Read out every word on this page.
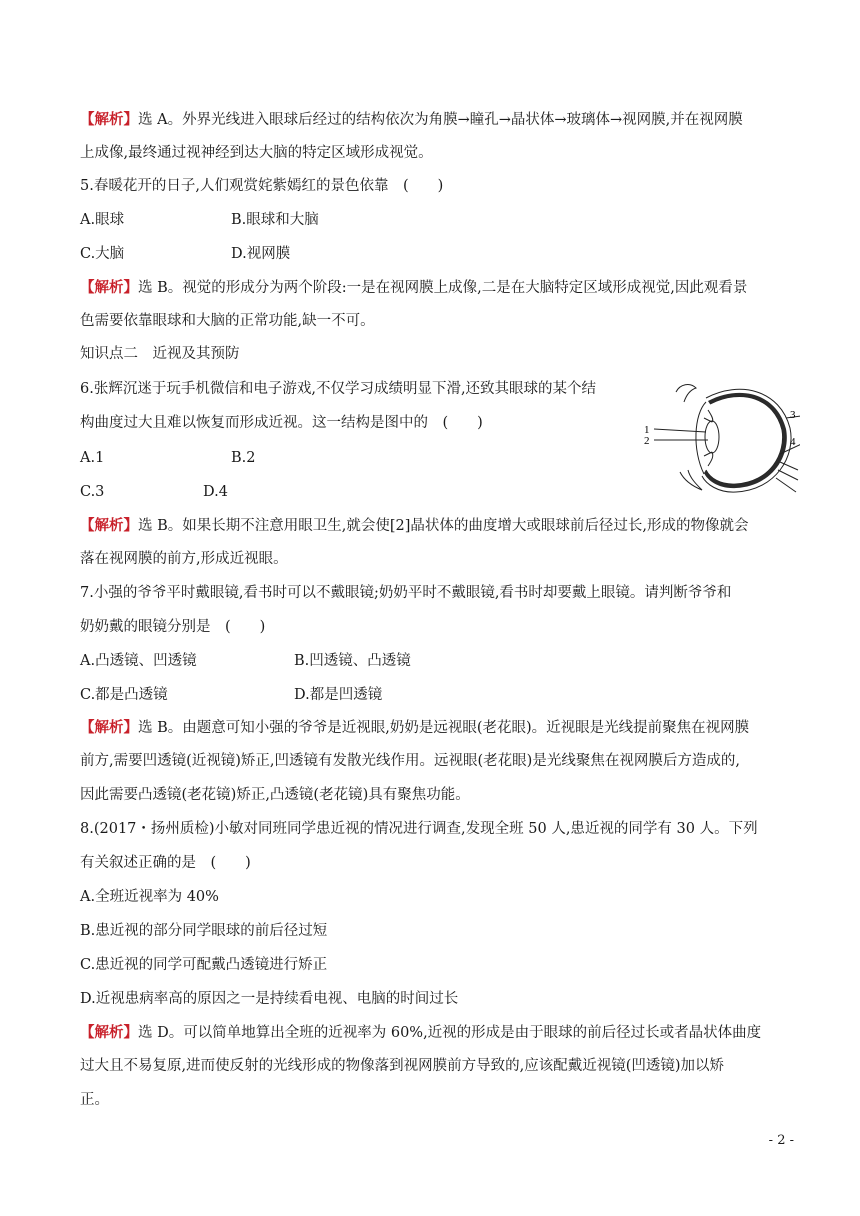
【解析】选 A。外界光线进入眼球后经过的结构依次为角膜→瞳孔→晶状体→玻璃体→视网膜,并在视网膜
上成像,最终通过视神经到达大脑的特定区域形成视觉。
5.春暖花开的日子,人们观赏姹紫嫣红的景色依靠　(　　)
A.眼球	B.眼球和大脑
C.大脑	D.视网膜
【解析】选 B。视觉的形成分为两个阶段:一是在视网膜上成像,二是在大脑特定区域形成视觉,因此观看景
色需要依靠眼球和大脑的正常功能,缺一不可。
知识点二　近视及其预防
6.张辉沉迷于玩手机微信和电子游戏,不仅学习成绩明显下滑,还致其眼球的某个结
构曲度过大且难以恢复而形成近视。这一结构是图中的　(　　)
A.1	B.2
C.3	D.4
1
2
3
4
【解析】选 B。如果长期不注意用眼卫生,就会使[2]晶状体的曲度增大或眼球前后径过长,形成的物像就会
落在视网膜的前方,形成近视眼。
7.小强的爷爷平时戴眼镜,看书时可以不戴眼镜;奶奶平时不戴眼镜,看书时却要戴上眼镜。请判断爷爷和
奶奶戴的眼镜分别是　(　　)
A.凸透镜、凹透镜	B.凹透镜、凸透镜
C.都是凸透镜	D.都是凹透镜
【解析】选 B。由题意可知小强的爷爷是近视眼,奶奶是远视眼(老花眼)。近视眼是光线提前聚焦在视网膜
前方,需要凹透镜(近视镜)矫正,凹透镜有发散光线作用。远视眼(老花眼)是光线聚焦在视网膜后方造成的,
因此需要凸透镜(老花镜)矫正,凸透镜(老花镜)具有聚焦功能。
8.(2017・扬州质检)小敏对同班同学患近视的情况进行调查,发现全班 50 人,患近视的同学有 30 人。下列
有关叙述正确的是　(　　)
A.全班近视率为 40%
B.患近视的部分同学眼球的前后径过短
C.患近视的同学可配戴凸透镜进行矫正
D.近视患病率高的原因之一是持续看电视、电脑的时间过长
【解析】选 D。可以简单地算出全班的近视率为 60%,近视的形成是由于眼球的前后径过长或者晶状体曲度
过大且不易复原,进而使反射的光线形成的物像落到视网膜前方导致的,应该配戴近视镜(凹透镜)加以矫
正。
- 2 -
